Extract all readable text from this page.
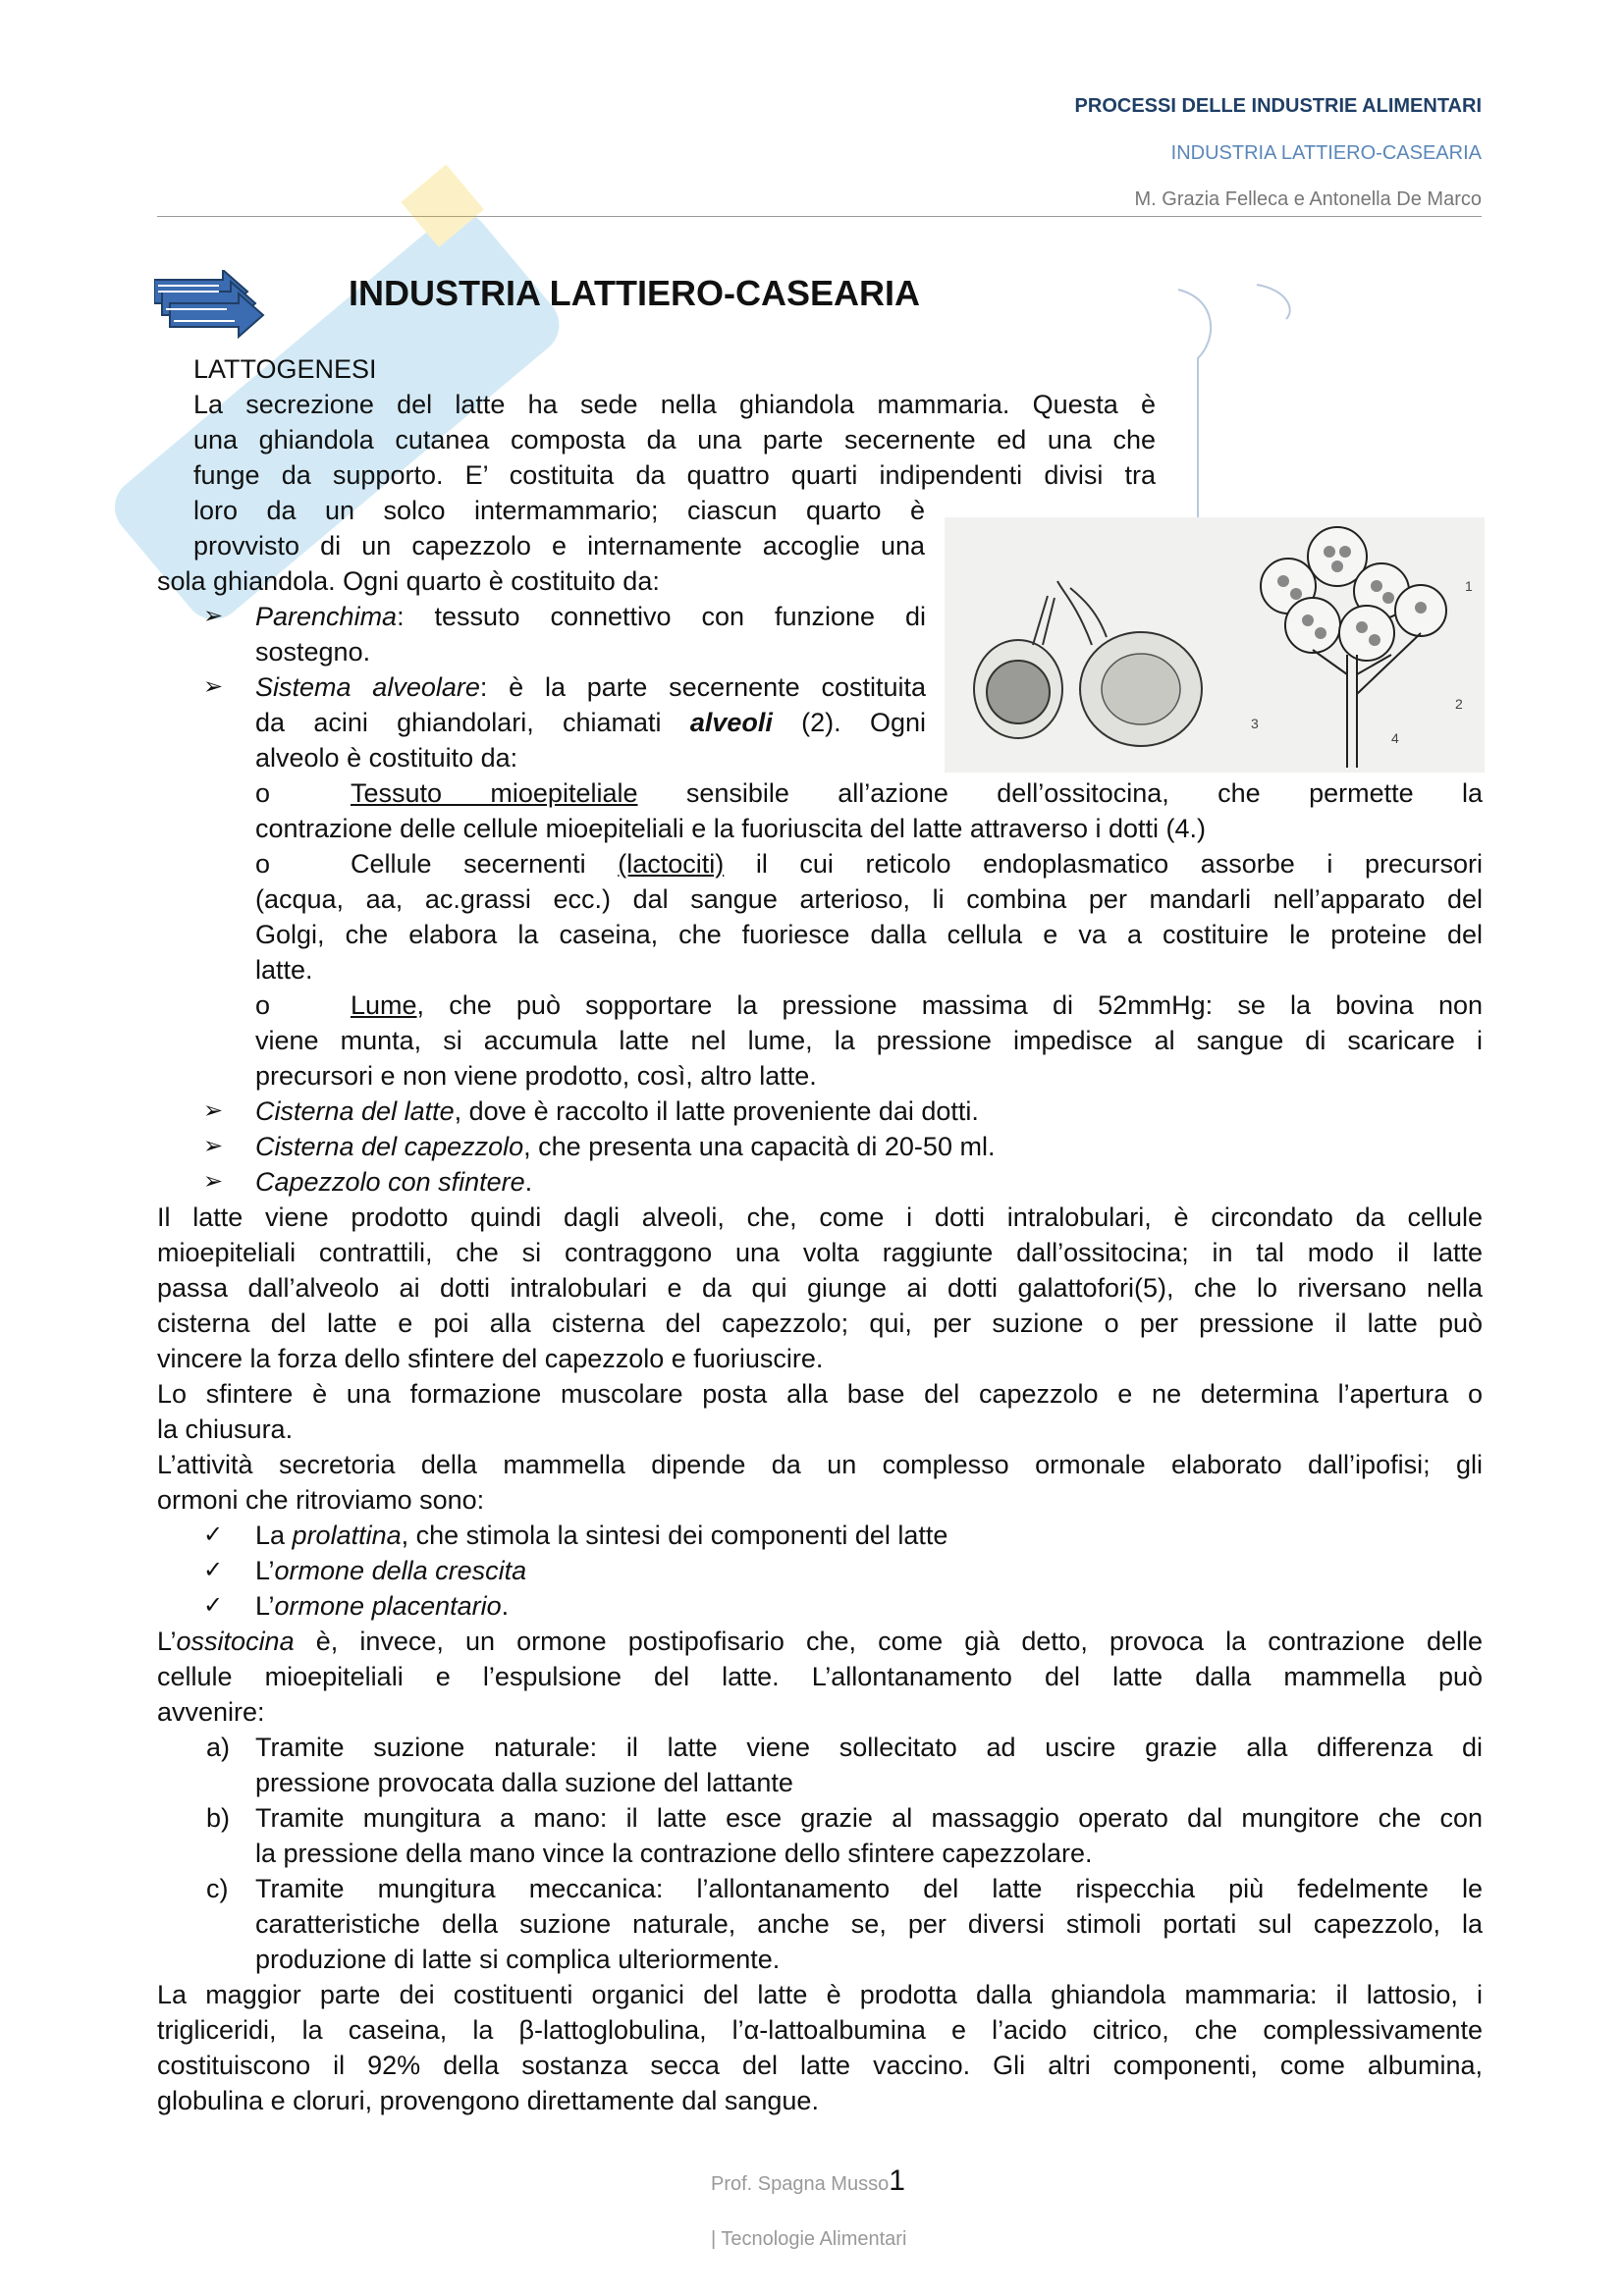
PROCESSI DELLE INDUSTRIE ALIMENTARI
INDUSTRIA LATTIERO-CASEARIA
M. Grazia Felleca e Antonella De Marco
INDUSTRIA LATTIERO-CASEARIA
3
4
2
1
LATTOGENESI
La secrezione del latte ha sede nella ghiandola mammaria. Questa è
una ghiandola cutanea composta da una parte secernente ed una che
funge da supporto. E’ costituita da quattro quarti indipendenti divisi tra
loro da un solco intermammario; ciascun quarto è
provvisto di un capezzolo e internamente accoglie una
sola ghiandola. Ogni quarto è costituito da:
➢ Parenchima: tessuto connettivo con funzione di
sostegno.
➢ Sistema alveolare: è la parte secernente costituita
da acini ghiandolari, chiamati alveoli (2). Ogni
alveolo è costituito da:
o	Tessuto mioepiteliale sensibile all’azione dell’ossitocina, che permette la
contrazione delle cellule mioepiteliali e la fuoriuscita del latte attraverso i dotti (4.)
o	Cellule secernenti (lactociti) il cui reticolo endoplasmatico assorbe i precursori
(acqua, aa, ac.grassi ecc.) dal sangue arterioso, li combina per mandarli nell’apparato del
Golgi, che elabora la caseina, che fuoriesce dalla cellula e va a costituire le proteine del
latte.
o	Lume, che può sopportare la pressione massima di 52mmHg: se la bovina non
viene munta, si accumula latte nel lume, la pressione impedisce al sangue di scaricare i
precursori e non viene prodotto, così, altro latte.
➢ Cisterna del latte, dove è raccolto il latte proveniente dai dotti.
➢ Cisterna del capezzolo, che presenta una capacità di 20-50 ml.
➢ Capezzolo con sfintere.
Il latte viene prodotto quindi dagli alveoli, che, come i dotti intralobulari, è circondato da cellule
mioepiteliali contrattili, che si contraggono una volta raggiunte dall’ossitocina; in tal modo il latte
passa dall’alveolo ai dotti intralobulari e da qui giunge ai dotti galattofori(5), che lo riversano nella
cisterna del latte e poi alla cisterna del capezzolo; qui, per suzione o per pressione il latte può
vincere la forza dello sfintere del capezzolo e fuoriuscire.
Lo sfintere è una formazione muscolare posta alla base del capezzolo e ne determina l’apertura o
la chiusura.
L’attività secretoria della mammella dipende da un complesso ormonale elaborato dall’ipofisi; gli
ormoni che ritroviamo sono:
✓ La prolattina, che stimola la sintesi dei componenti del latte
✓ L’ormone della crescita
✓ L’ormone placentario.
L’ossitocina è, invece, un ormone postipofisario che, come già detto, provoca la contrazione delle
cellule mioepiteliali e l’espulsione del latte. L’allontanamento del latte dalla mammella può
avvenire:
a) Tramite suzione naturale: il latte viene sollecitato ad uscire grazie alla differenza di
pressione provocata dalla suzione del lattante
b) Tramite mungitura a mano: il latte esce grazie al massaggio operato dal mungitore che con
la pressione della mano vince la contrazione dello sfintere capezzolare.
c) Tramite mungitura meccanica: l’allontanamento del latte rispecchia più fedelmente le
caratteristiche della suzione naturale, anche se, per diversi stimoli portati sul capezzolo, la
produzione di latte si complica ulteriormente.
La maggior parte dei costituenti organici del latte è prodotta dalla ghiandola mammaria: il lattosio, i
trigliceridi, la caseina, la β-lattoglobulina, l’α-lattoalbumina e l’acido citrico, che complessivamente
costituiscono il 92% della sostanza secca del latte vaccino. Gli altri componenti, come albumina,
globulina e cloruri, provengono direttamente dal sangue.
Prof. Spagna Musso1
| Tecnologie Alimentari
